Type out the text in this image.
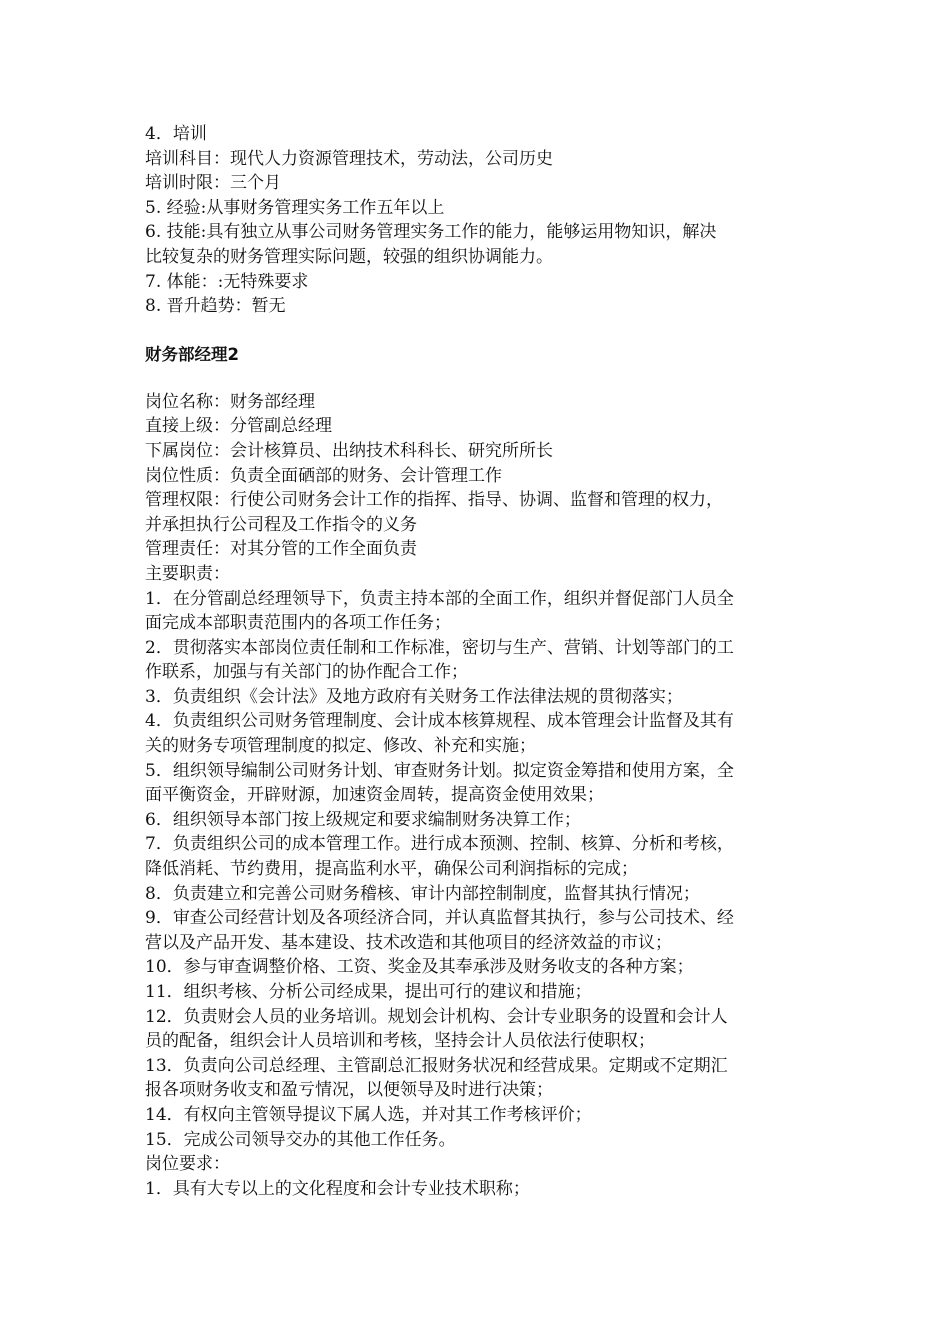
4．培训
培训科目：现代人力资源管理技术，劳动法，公司历史
培训时限：三个月
5. 经验:从事财务管理实务工作五年以上
6. 技能:具有独立从事公司财务管理实务工作的能力，能够运用物知识，解决
比较复杂的财务管理实际问题，较强的组织协调能力。
7. 体能：:无特殊要求
8. 晋升趋势：暂无
财务部经理2
岗位名称：财务部经理
直接上级：分管副总经理
下属岗位：会计核算员、出纳技术科科长、研究所所长
岗位性质：负责全面硒部的财务、会计管理工作
管理权限：行使公司财务会计工作的指挥、指导、协调、监督和管理的权力，
并承担执行公司程及工作指令的义务
管理责任：对其分管的工作全面负责
主要职责：
1．在分管副总经理领导下，负责主持本部的全面工作，组织并督促部门人员全
面完成本部职责范围内的各项工作任务；
2．贯彻落实本部岗位责任制和工作标准，密切与生产、营销、计划等部门的工
作联系，加强与有关部门的协作配合工作；
3．负责组织《会计法》及地方政府有关财务工作法律法规的贯彻落实；
4．负责组织公司财务管理制度、会计成本核算规程、成本管理会计监督及其有
关的财务专项管理制度的拟定、修改、补充和实施；
5．组织领导编制公司财务计划、审查财务计划。拟定资金筹措和使用方案，全
面平衡资金，开辟财源，加速资金周转，提高资金使用效果；
6．组织领导本部门按上级规定和要求编制财务决算工作；
7．负责组织公司的成本管理工作。进行成本预测、控制、核算、分析和考核，
降低消耗、节约费用，提高监利水平，确保公司利润指标的完成；
8．负责建立和完善公司财务稽核、审计内部控制制度，监督其执行情况；
9．审查公司经营计划及各项经济合同，并认真监督其执行，参与公司技术、经
营以及产品开发、基本建设、技术改造和其他项目的经济效益的市议；
10．参与审查调整价格、工资、奖金及其奉承涉及财务收支的各种方案；
11．组织考核、分析公司经成果，提出可行的建议和措施；
12．负责财会人员的业务培训。规划会计机构、会计专业职务的设置和会计人
员的配备，组织会计人员培训和考核，坚持会计人员依法行使职权；
13．负责向公司总经理、主管副总汇报财务状况和经营成果。定期或不定期汇
报各项财务收支和盈亏情况，以便领导及时进行决策；
14．有权向主管领导提议下属人选，并对其工作考核评价；
15．完成公司领导交办的其他工作任务。
岗位要求：
1．具有大专以上的文化程度和会计专业技术职称；
